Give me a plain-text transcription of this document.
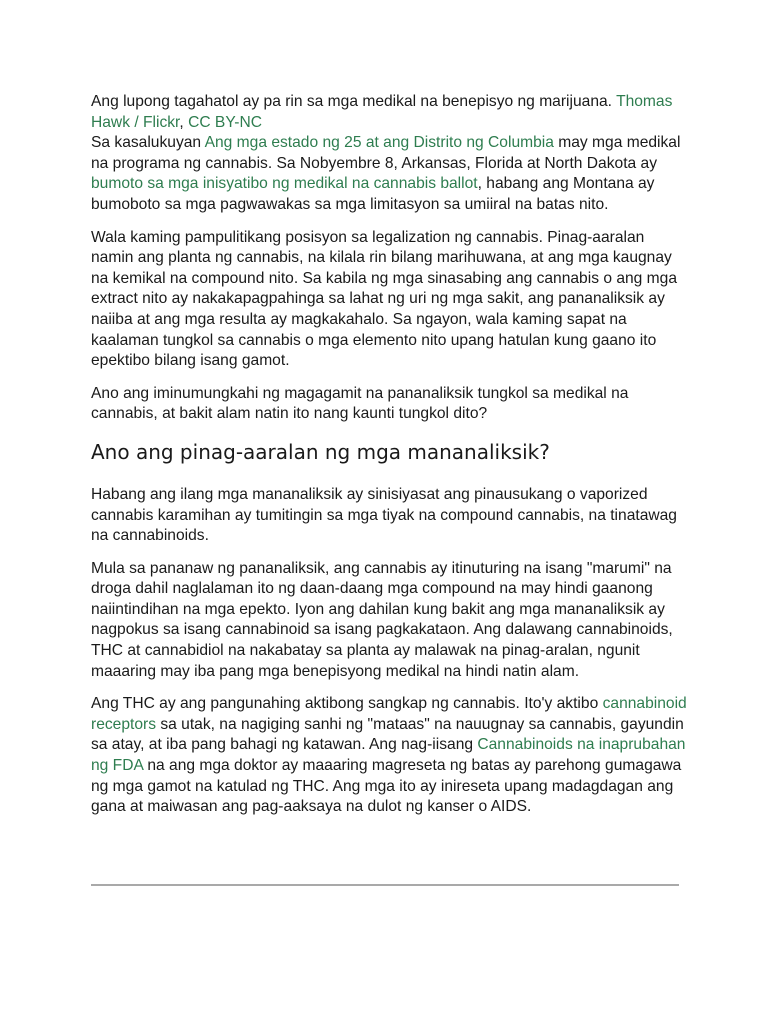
Ang lupong tagahatol ay pa rin sa mga medikal na benepisyo ng marijuana. Thomas Hawk / Flickr, CC BY-NC

Sa kasalukuyan Ang mga estado ng 25 at ang Distrito ng Columbia may mga medikal na programa ng cannabis. Sa Nobyembre 8, Arkansas, Florida at North Dakota ay bumoto sa mga inisyatibo ng medikal na cannabis ballot, habang ang Montana ay bumoboto sa mga pagwawakas sa mga limitasyon sa umiiral na batas nito.

Wala kaming pampulitikang posisyon sa legalization ng cannabis. Pinag-aaralan namin ang planta ng cannabis, na kilala rin bilang marihuwana, at ang mga kaugnay na kemikal na compound nito. Sa kabila ng mga sinasabing ang cannabis o ang mga extract nito ay nakakapagpahinga sa lahat ng uri ng mga sakit, ang pananaliksik ay naiiba at ang mga resulta ay magkakahalo. Sa ngayon, wala kaming sapat na kaalaman tungkol sa cannabis o mga elemento nito upang hatulan kung gaano ito epektibo bilang isang gamot.

Ano ang iminumungkahi ng magagamit na pananaliksik tungkol sa medikal na cannabis, at bakit alam natin ito nang kaunti tungkol dito?

Ano ang pinag-aaralan ng mga mananaliksik?

Habang ang ilang mga mananaliksik ay sinisiyasat ang pinausukang o vaporized cannabis karamihan ay tumitingin sa mga tiyak na compound cannabis, na tinatawag na cannabinoids.

Mula sa pananaw ng pananaliksik, ang cannabis ay itinuturing na isang "marumi" na droga dahil naglalaman ito ng daan-daang mga compound na may hindi gaanong naiintindihan na mga epekto. Iyon ang dahilan kung bakit ang mga mananaliksik ay nagpokus sa isang cannabinoid sa isang pagkakataon. Ang dalawang cannabinoids, THC at cannabidiol na nakabatay sa planta ay malawak na pinag-aralan, ngunit maaaring may iba pang mga benepisyong medikal na hindi natin alam.

Ang THC ay ang pangunahing aktibong sangkap ng cannabis. Ito'y aktibo cannabinoid receptors sa utak, na nagiging sanhi ng "mataas" na nauugnay sa cannabis, gayundin sa atay, at iba pang bahagi ng katawan. Ang nag-iisang Cannabinoids na inaprubahan ng FDA na ang mga doktor ay maaaring magreseta ng batas ay parehong gumagawa ng mga gamot na katulad ng THC. Ang mga ito ay inireseta upang madagdagan ang gana at maiwasan ang pag-aaksaya na dulot ng kanser o AIDS.
